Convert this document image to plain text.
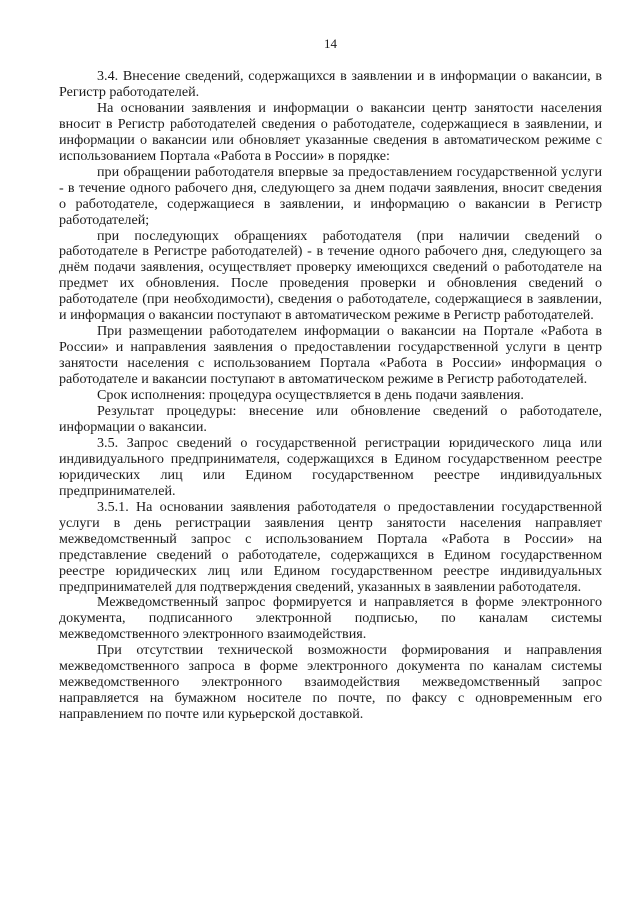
14

3.4. Внесение сведений, содержащихся в заявлении и в информации о вакансии, в Регистр работодателей.

На основании заявления и информации о вакансии центр занятости населения вносит в Регистр работодателей сведения о работодателе, содержащиеся в заявлении, и информации о вакансии или обновляет указанные сведения в автоматическом режиме с использованием Портала «Работа в России» в порядке:

при обращении работодателя впервые за предоставлением государственной услуги - в течение одного рабочего дня, следующего за днем подачи заявления, вносит сведения о работодателе, содержащиеся в заявлении, и информацию о вакансии в Регистр работодателей;

при последующих обращениях работодателя (при наличии сведений о работодателе в Регистре работодателей) - в течение одного рабочего дня, следующего за днём подачи заявления, осуществляет проверку имеющихся сведений о работодателе на предмет их обновления. После проведения проверки и обновления сведений о работодателе (при необходимости), сведения о работодателе, содержащиеся в заявлении, и информация о вакансии поступают в автоматическом режиме в Регистр работодателей.

При размещении работодателем информации о вакансии на Портале «Работа в России» и направления заявления о предоставлении государственной услуги в центр занятости населения с использованием Портала «Работа в России» информация о работодателе и вакансии поступают в автоматическом режиме в Регистр работодателей.

Срок исполнения: процедура осуществляется в день подачи заявления.

Результат процедуры: внесение или обновление сведений о работодателе, информации о вакансии.

3.5. Запрос сведений о государственной регистрации юридического лица или индивидуального предпринимателя, содержащихся в Едином государственном реестре юридических лиц или Едином государственном реестре индивидуальных предпринимателей.

3.5.1. На основании заявления работодателя о предоставлении государственной услуги в день регистрации заявления центр занятости населения направляет межведомственный запрос с использованием Портала «Работа в России» на представление сведений о работодателе, содержащихся в Едином государственном реестре юридических лиц или Едином государственном реестре индивидуальных предпринимателей для подтверждения сведений, указанных в заявлении работодателя.

Межведомственный запрос формируется и направляется в форме электронного документа, подписанного электронной подписью, по каналам системы межведомственного электронного взаимодействия.

При отсутствии технической возможности формирования и направления межведомственного запроса в форме электронного документа по каналам системы межведомственного электронного взаимодействия межведомственный запрос направляется на бумажном носителе по почте, по факсу с одновременным его направлением по почте или курьерской доставкой.
